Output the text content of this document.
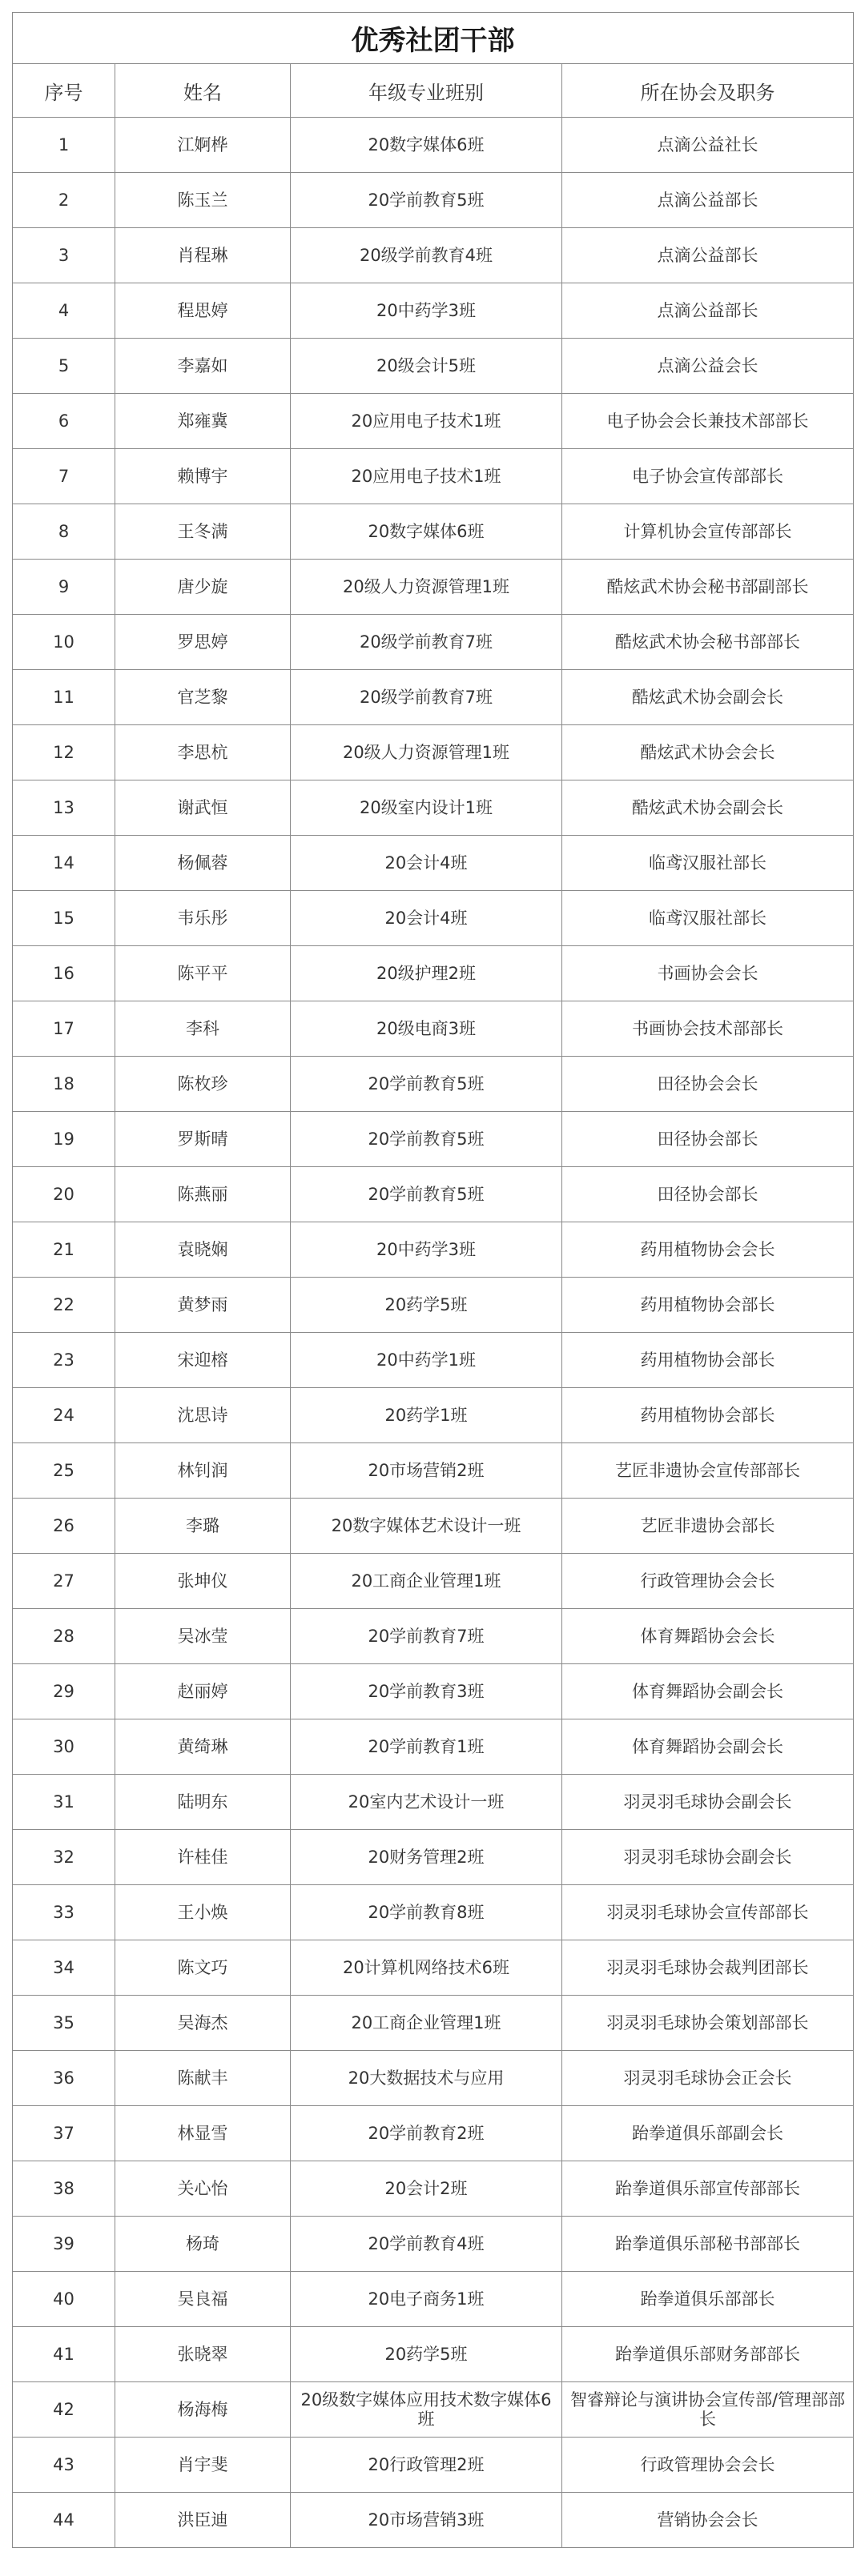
优秀社团干部			
序号	姓名	年级专业班别	所在协会及职务
1	江婀桦	20数字媒体6班	点滴公益社长
2	陈玉兰	20学前教育5班	点滴公益部长
3	肖程琳	20级学前教育4班	点滴公益部长
4	程思婷	20中药学3班	点滴公益部长
5	李嘉如	20级会计5班	点滴公益会长
6	郑雍冀	20应用电子技术1班	电子协会会长兼技术部部长
7	赖博宇	20应用电子技术1班	电子协会宣传部部长
8	王冬满	20数字媒体6班	计算机协会宣传部部长
9	唐少旋	20级人力资源管理1班	酷炫武术协会秘书部副部长
10	罗思婷	20级学前教育7班	酷炫武术协会秘书部部长
11	官芝黎	20级学前教育7班	酷炫武术协会副会长
12	李思杭	20级人力资源管理1班	酷炫武术协会会长
13	谢武恒	20级室内设计1班	酷炫武术协会副会长
14	杨佩蓉	20会计4班	临鸢汉服社部长
15	韦乐彤	20会计4班	临鸢汉服社部长
16	陈平平	20级护理2班	书画协会会长
17	李科	20级电商3班	书画协会技术部部长
18	陈枚珍	20学前教育5班	田径协会会长
19	罗斯晴	20学前教育5班	田径协会部长
20	陈燕丽	20学前教育5班	田径协会部长
21	袁晓娴	20中药学3班	药用植物协会会长
22	黄梦雨	20药学5班	药用植物协会部长
23	宋迎榕	20中药学1班	药用植物协会部长
24	沈思诗	20药学1班	药用植物协会部长
25	林钊润	20市场营销2班	艺匠非遗协会宣传部部长
26	李璐	20数字媒体艺术设计一班	艺匠非遗协会部长
27	张坤仪	20工商企业管理1班	行政管理协会会长
28	吴冰莹	20学前教育7班	体育舞蹈协会会长
29	赵丽婷	20学前教育3班	体育舞蹈协会副会长
30	黄绮琳	20学前教育1班	体育舞蹈协会副会长
31	陆明东	20室内艺术设计一班	羽灵羽毛球协会副会长
32	许桂佳	20财务管理2班	羽灵羽毛球协会副会长
33	王小焕	20学前教育8班	羽灵羽毛球协会宣传部部长
34	陈文巧	20计算机网络技术6班	羽灵羽毛球协会裁判团部长
35	吴海杰	20工商企业管理1班	羽灵羽毛球协会策划部部长
36	陈献丰	20大数据技术与应用	羽灵羽毛球协会正会长
37	林显雪	20学前教育2班	跆拳道俱乐部副会长
38	关心怡	20会计2班	跆拳道俱乐部宣传部部长
39	杨琦	20学前教育4班	跆拳道俱乐部秘书部部长
40	吴良福	20电子商务1班	跆拳道俱乐部部长
41	张晓翠	20药学5班	跆拳道俱乐部财务部部长
42	杨海梅	20级数字媒体应用技术数字媒体6班	智睿辩论与演讲协会宣传部/管理部部长
43	肖宇斐	20行政管理2班	行政管理协会会长
44	洪臣迪	20市场营销3班	营销协会会长
